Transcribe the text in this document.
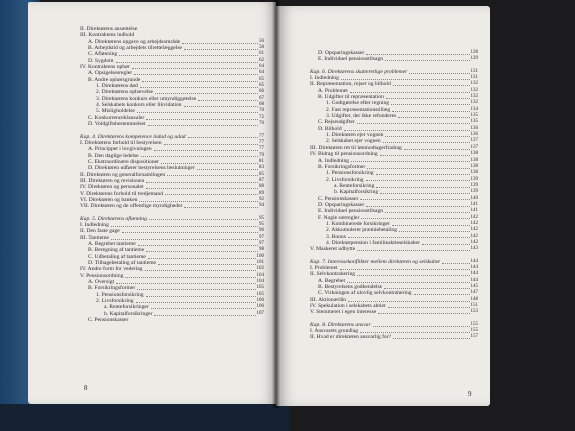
II. Direktørens ansættelse
III. Kontraktens indhold
A. Direktørens opgave og arbejdsområde	56
B. Arbejdstid og arbejdets tilrettelæggelse	58
C. Aflønning	61
D. Sygdom	62
IV. Kontraktens ophør	64
A. Opsigelsesregler	64
B. Andre ophørsgrunde	65
1. Direktørens død	65
2. Direktørens ophævelse	66
3. Direktørens konkurs eller umyndiggørelse	67
4. Selskabets konkurs eller likvidation	68
5. Misligholdelse	70
C. Konkurrenceklausuler	72
D. Voldgiftsbestemmelser	76
Kap. 4. Direktørens kompetence indad og udad	77
I. Direktørens forhold til bestyrelsen	77
A. Princippet i lovgivningen	77
B. Den daglige ledelse	79
C. Ekstraordinære dispositioner	81
D. Direktøren udfører bestyrelsens beslutninger	83
II. Direktøren og generalforsamlingen	85
III. Direktøren og revisionen	87
IV. Direktøren og personalet	88
V. Direktørens forhold til tredjemand	89
VI. Direktøren og banken	92
VII. Direktøren og de offentlige myndigheder	94
Kap. 5. Direktørens aflønning	95
I. Indledning	95
II. Den faste gage	96
III. Tantieme	97
A. Begrebet tantieme	97
B. Beregning af tantieme	98
C. Udbetaling af tantieme	100
D. Tilbagebetaling af tantieme	101
IV. Andre form for vederlag	102
V. Pensionsordning	104
A. Oversigt	104
B. Forsikringsformer	105
1. Pensionsforsikring	105
2. Livsforsikring	106
a. Renteforsikringer	106
b. Kapitalforsikringer	107
C. Pensionskasser
8
D. Opsparingskasser	128
E. Individuel pensionstilsagn	129
Kap. 6. Direktørens skatteretlige problemer	131
I. Indledning	131
II. Repræsentation, rejser og bilhold	132
A. Problemet	132
B. Udgifter til repræsentation	132
1. Godtgørelse efter regning	132
2. Fast repræsentationstillæg	134
3. Udgifter, der ikke refunderes	135
C. Rejseudgifter	135
D. Bilhold	136
1. Direktøren ejer vognen	136
2. Selskabet ejer vognen	137
III. Direktøren ret til lønmodtagerfradrag	137
IV. Bidrag til pensionsordning	138
A. Indledning	138
B. Forsikringsformer	138
1. Pensionsforsikring	138
2. Livsforsikring	139
a. Renteforsikring	139
b. Kapitalforsikring	139
C. Pensionskasser	140
D. Opsparingskasser	141
E. Individuel pensionstilsagn	141
F. Nogle særregler	142
1. Kombinerede forsikringer	142
2. Akkumuleret præmiebetaling	142
3. Bonus	142
4. Direktørpension i familieaktieselskaber	142
V. Maskeret udbytte	143
Kap. 7. Interessekonflikter mellem direktøren og selskabet	144
I. Problemet	144
II. Selvkontrahering	144
A. Begrebet	144
B. Bestyrelsens godkendelse	145
C. Virkningen af ulovlig selvkontrahering	147
III. Aktionærlån	148
IV. Spekulation i selskabets aktier	151
V. Stemmeret i egen interesse	153
Kap. 8. Direktørens ansvar	155
I. Ansvarets grundlag	155
II. Hvad er direktøren ansvarlig for?	157
9
